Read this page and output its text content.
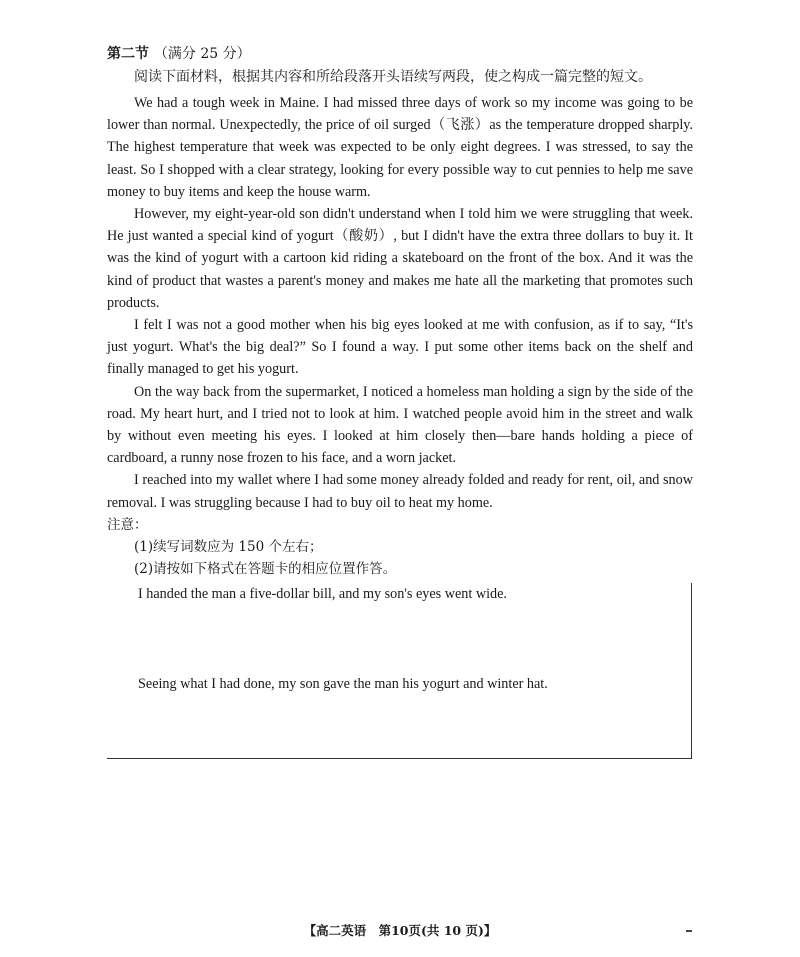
第二节 （满分 25 分）
阅读下面材料，根据其内容和所给段落开头语续写两段，使之构成一篇完整的短文。

We had a tough week in Maine. I had missed three days of work so my income was going to be lower than normal. Unexpectedly, the price of oil surged（飞涨）as the temperature dropped sharply. The highest temperature that week was expected to be only eight degrees. I was stressed, to say the least. So I shopped with a clear strategy, looking for every possible way to cut pennies to help me save money to buy items and keep the house warm.

However, my eight-year-old son didn't understand when I told him we were struggling that week. He just wanted a special kind of yogurt（酸奶）, but I didn't have the extra three dollars to buy it. It was the kind of yogurt with a cartoon kid riding a skateboard on the front of the box. And it was the kind of product that wastes a parent's money and makes me hate all the marketing that promotes such products.

I felt I was not a good mother when his big eyes looked at me with confusion, as if to say, “It's just yogurt. What's the big deal?” So I found a way. I put some other items back on the shelf and finally managed to get his yogurt.

On the way back from the supermarket, I noticed a homeless man holding a sign by the side of the road. My heart hurt, and I tried not to look at him. I watched people avoid him in the street and walk by without even meeting his eyes. I looked at him closely then—bare hands holding a piece of cardboard, a runny nose frozen to his face, and a worn jacket.

I reached into my wallet where I had some money already folded and ready for rent, oil, and snow removal. I was struggling because I had to buy oil to heat my home.

注意：
(1)续写词数应为 150 个左右；
(2)请按如下格式在答题卡的相应位置作答。
I handed the man a five-dollar bill, and my son's eyes went wide.
Seeing what I had done, my son gave the man his yogurt and winter hat.
【高二英语　第10页(共 10 页)】
